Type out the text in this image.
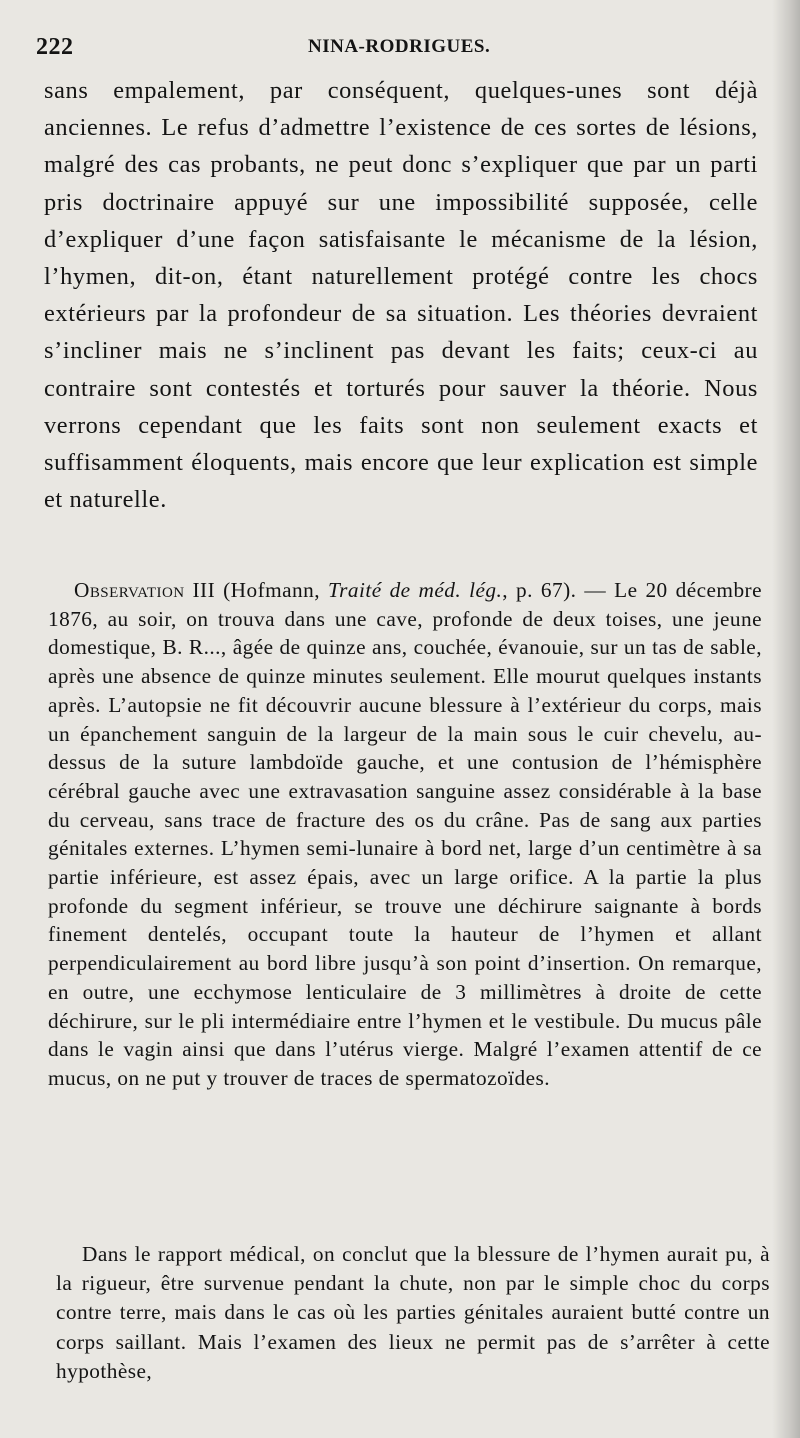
222	NINA-RODRIGUES.

sans empalement, par conséquent, quelques-unes sont déjà anciennes. Le refus d’admettre l’existence de ces sortes de lésions, malgré des cas probants, ne peut donc s’expliquer que par un parti pris doctrinaire appuyé sur une impossibilité supposée, celle d’expliquer d’une façon satisfaisante le mécanisme de la lésion, l’hymen, dit-on, étant naturellement protégé contre les chocs extérieurs par la profondeur de sa situation. Les théories devraient s’incliner mais ne s’inclinent pas devant les faits; ceux-ci au contraire sont contestés et torturés pour sauver la théorie. Nous verrons cependant que les faits sont non seulement exacts et suffisamment éloquents, mais encore que leur explication est simple et naturelle.

Observation III (Hofmann, Traité de méd. lég., p. 67). — Le 20 décembre 1876, au soir, on trouva dans une cave, profonde de deux toises, une jeune domestique, B. R..., âgée de quinze ans, couchée, évanouie, sur un tas de sable, après une absence de quinze minutes seulement. Elle mourut quelques instants après. L’autopsie ne fit découvrir aucune blessure à l’extérieur du corps, mais un épanchement sanguin de la largeur de la main sous le cuir chevelu, au-dessus de la suture lambdoïde gauche, et une contusion de l’hémisphère cérébral gauche avec une extravasation sanguine assez considérable à la base du cerveau, sans trace de fracture des os du crâne. Pas de sang aux parties génitales externes. L’hymen semi-lunaire à bord net, large d’un centimètre à sa partie inférieure, est assez épais, avec un large orifice. A la partie la plus profonde du segment inférieur, se trouve une déchirure saignante à bords finement dentelés, occupant toute la hauteur de l’hymen et allant perpendiculairement au bord libre jusqu’à son point d’insertion. On remarque, en outre, une ecchymose lenticulaire de 3 millimètres à droite de cette déchirure, sur le pli intermédiaire entre l’hymen et le vestibule. Du mucus pâle dans le vagin ainsi que dans l’utérus vierge. Malgré l’examen attentif de ce mucus, on ne put y trouver de traces de spermatozoïdes.

Dans le rapport médical, on conclut que la blessure de l’hymen aurait pu, à la rigueur, être survenue pendant la chute, non par le simple choc du corps contre terre, mais dans le cas où les parties génitales auraient butté contre un corps saillant. Mais l’examen des lieux ne permit pas de s’arrêter à cette hypothèse,
